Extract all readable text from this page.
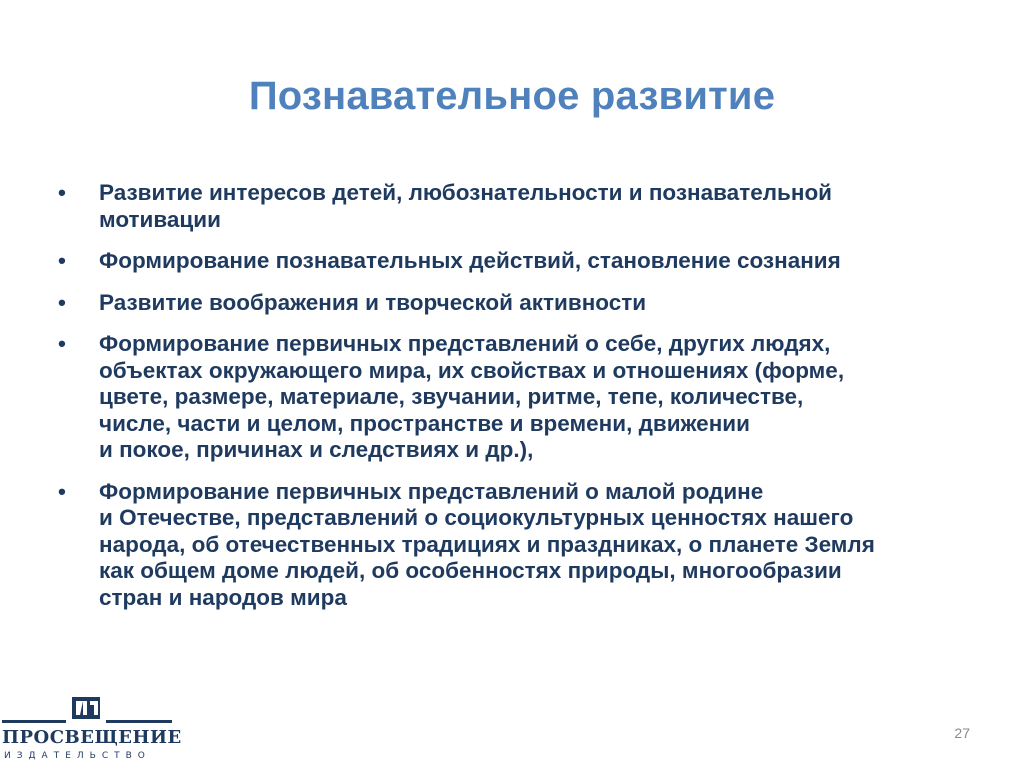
Познавательное развитие
• Развитие интересов детей, любознательности и познавательной
мотивации
• Формирование познавательных действий, становление сознания
• Развитие воображения и творческой активности
• Формирование первичных представлений о себе, других людях,
объектах окружающего мира, их свойствах и отношениях (форме,
цвете, размере, материале, звучании, ритме, тепе, количестве,
числе, части и целом, пространстве и времени, движении
и покое, причинах и следствиях и др.),
• Формирование первичных представлений о малой родине
и Отечестве, представлений о социокультурных ценностях нашего
народа, об отечественных традициях и праздниках, о планете Земля
как общем доме людей, об особенностях природы, многообразии
стран и народов мира
ПРОСВЕЩЕНИЕ
ИЗДАТЕЛЬСТВО
27
